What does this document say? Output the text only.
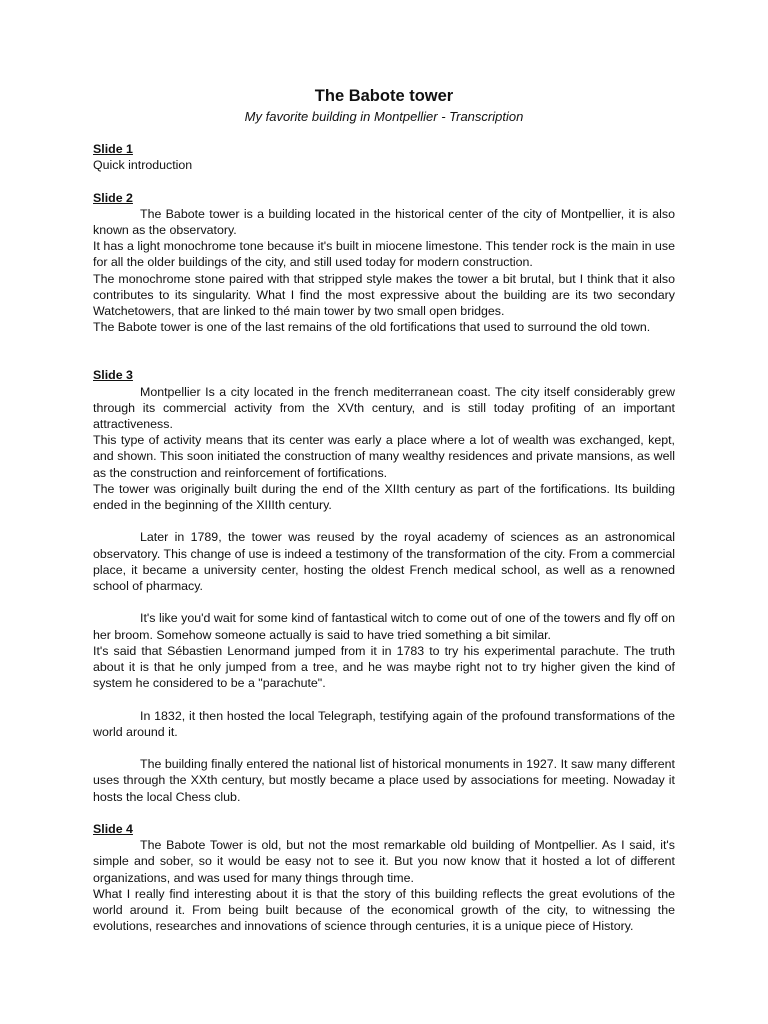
The Babote tower

My favorite building in Montpellier - Transcription

Slide 1

Quick introduction

Slide 2

The Babote tower is a building located in the historical center of the city of Montpellier, it is also known as the observatory.

It has a light monochrome tone because it's built in miocene limestone. This tender rock is the main in use for all the older buildings of the city, and still used today for modern construction.

The monochrome stone paired with that stripped style makes the tower a bit brutal, but I think that it also contributes to its singularity. What I find the most expressive about the building are its two secondary Watchetowers, that are linked to thé main tower by two small open bridges.

The Babote tower is one of the last remains of the old fortifications that used to surround the old town.

Slide 3

Montpellier Is a city located in the french mediterranean coast. The city itself considerably grew through its commercial activity from the XVth century, and is still today profiting of an important attractiveness.

This type of activity means that its center was early a place where a lot of wealth was exchanged, kept, and shown. This soon initiated the construction of many wealthy residences and private mansions, as well as the construction and reinforcement of fortifications.

The tower was originally built during the end of the XIIth century as part of the fortifications. Its building ended in the beginning of the XIIIth century.

Later in 1789, the tower was reused by the royal academy of sciences as an astronomical observatory. This change of use is indeed a testimony of the transformation of the city. From a commercial place, it became a university center, hosting the oldest French medical school, as well as a renowned school of pharmacy.

It's like you'd wait for some kind of fantastical witch to come out of one of the towers and fly off on her broom. Somehow someone actually is said to have tried something a bit similar.

It's said that Sébastien Lenormand jumped from it in 1783 to try his experimental parachute. The truth about it is that he only jumped from a tree, and he was maybe right not to try higher given the kind of system he considered to be a "parachute".

In 1832, it then hosted the local Telegraph, testifying again of the profound transformations of the world around it.

The building finally entered the national list of historical monuments in 1927. It saw many different uses through the XXth century, but mostly became a place used by associations for meeting. Nowaday it hosts the local Chess club.

Slide 4

The Babote Tower is old, but not the most remarkable old building of Montpellier. As I said, it's simple and sober, so it would be easy not to see it. But you now know that it hosted a lot of different organizations, and was used for many things through time.

What I really find interesting about it is that the story of this building reflects the great evolutions of the world around it. From being built because of the economical growth of the city, to witnessing the evolutions, researches and innovations of science through centuries, it is a unique piece of History.
